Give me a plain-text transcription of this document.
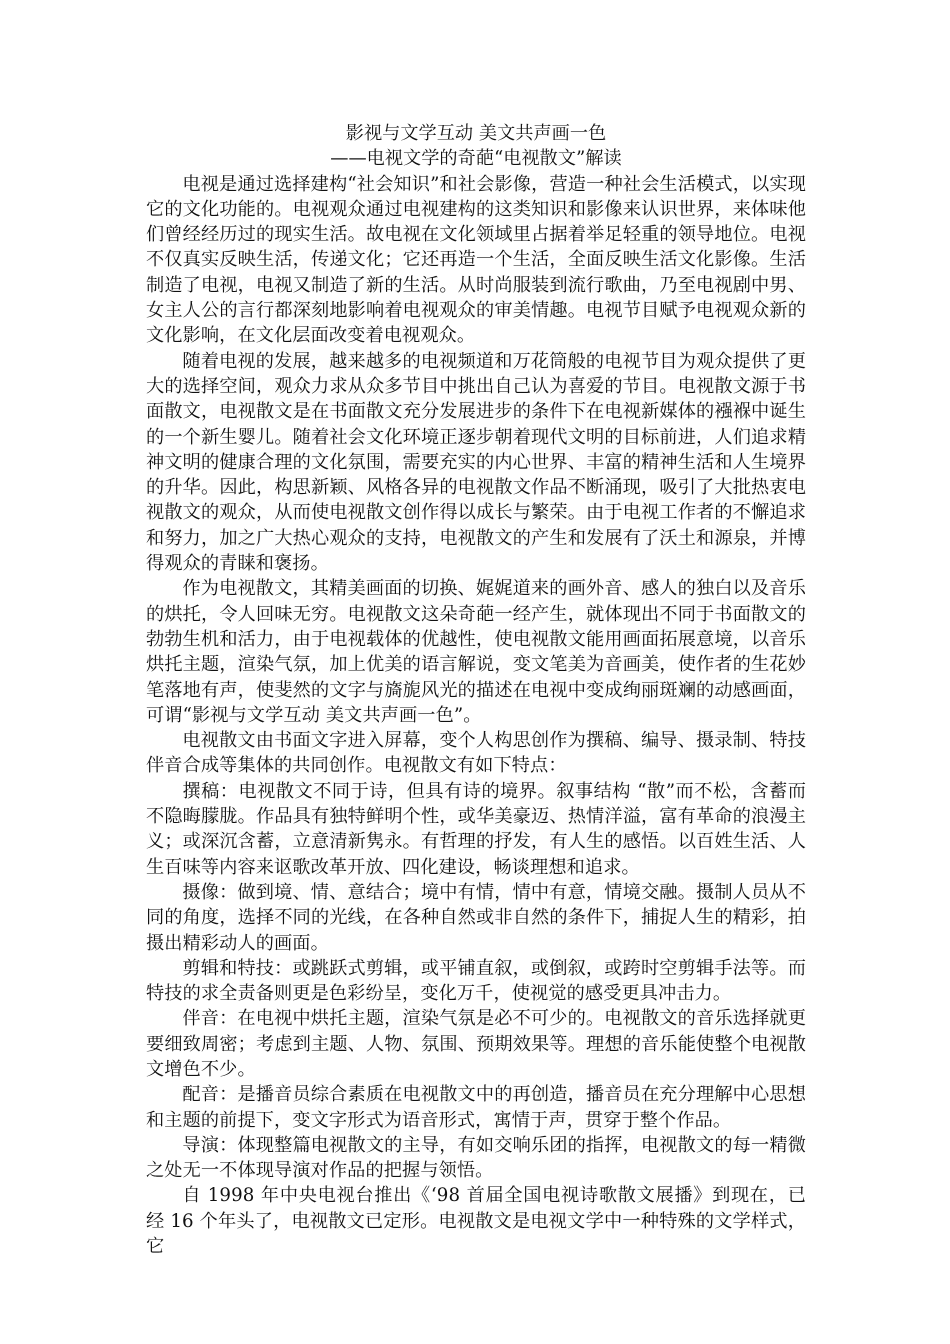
影视与文学互动 美文共声画一色
——电视文学的奇葩“电视散文”解读

电视是通过选择建构“社会知识”和社会影像，营造一种社会生活模式，以实现它的文化功能的。电视观众通过电视建构的这类知识和影像来认识世界，来体味他们曾经经历过的现实生活。故电视在文化领域里占据着举足轻重的领导地位。电视不仅真实反映生活，传递文化；它还再造一个生活，全面反映生活文化影像。生活制造了电视，电视又制造了新的生活。从时尚服装到流行歌曲，乃至电视剧中男、女主人公的言行都深刻地影响着电视观众的审美情趣。电视节目赋予电视观众新的文化影响，在文化层面改变着电视观众。

随着电视的发展，越来越多的电视频道和万花筒般的电视节目为观众提供了更大的选择空间，观众力求从众多节目中挑出自己认为喜爱的节目。电视散文源于书面散文，电视散文是在书面散文充分发展进步的条件下在电视新媒体的襁褓中诞生的一个新生婴儿。随着社会文化环境正逐步朝着现代文明的目标前进，人们追求精神文明的健康合理的文化氛围，需要充实的内心世界、丰富的精神生活和人生境界的升华。因此，构思新颖、风格各异的电视散文作品不断涌现，吸引了大批热衷电视散文的观众，从而使电视散文创作得以成长与繁荣。由于电视工作者的不懈追求和努力，加之广大热心观众的支持，电视散文的产生和发展有了沃土和源泉，并博得观众的青睐和褒扬。

作为电视散文，其精美画面的切换、娓娓道来的画外音、感人的独白以及音乐的烘托，令人回味无穷。电视散文这朵奇葩一经产生，就体现出不同于书面散文的勃勃生机和活力，由于电视载体的优越性，使电视散文能用画面拓展意境，以音乐烘托主题，渲染气氛，加上优美的语言解说，变文笔美为音画美，使作者的生花妙笔落地有声，使斐然的文字与旖旎风光的描述在电视中变成绚丽斑斓的动感画面，可谓“影视与文学互动 美文共声画一色”。

电视散文由书面文字进入屏幕，变个人构思创作为撰稿、编导、摄录制、特技伴音合成等集体的共同创作。电视散文有如下特点：

撰稿：电视散文不同于诗，但具有诗的境界。叙事结构 “散”而不松，含蓄而不隐晦朦胧。作品具有独特鲜明个性，或华美豪迈、热情洋溢，富有革命的浪漫主义；或深沉含蓄，立意清新隽永。有哲理的抒发，有人生的感悟。以百姓生活、人生百味等内容来讴歌改革开放、四化建设，畅谈理想和追求。

摄像：做到境、情、意结合；境中有情，情中有意，情境交融。摄制人员从不同的角度，选择不同的光线，在各种自然或非自然的条件下，捕捉人生的精彩，拍摄出精彩动人的画面。

剪辑和特技：或跳跃式剪辑，或平铺直叙，或倒叙，或跨时空剪辑手法等。而特技的求全责备则更是色彩纷呈，变化万千，使视觉的感受更具冲击力。

伴音：在电视中烘托主题，渲染气氛是必不可少的。电视散文的音乐选择就更要细致周密；考虑到主题、人物、氛围、预期效果等。理想的音乐能使整个电视散文增色不少。

配音：是播音员综合素质在电视散文中的再创造，播音员在充分理解中心思想和主题的前提下，变文字形式为语音形式，寓情于声，贯穿于整个作品。

导演：体现整篇电视散文的主导，有如交响乐团的指挥，电视散文的每一精微之处无一不体现导演对作品的把握与领悟。

自 1998 年中央电视台推出《‘98 首届全国电视诗歌散文展播》到现在，已经 16 个年头了，电视散文已定形。电视散文是电视文学中一种特殊的文学样式，它
